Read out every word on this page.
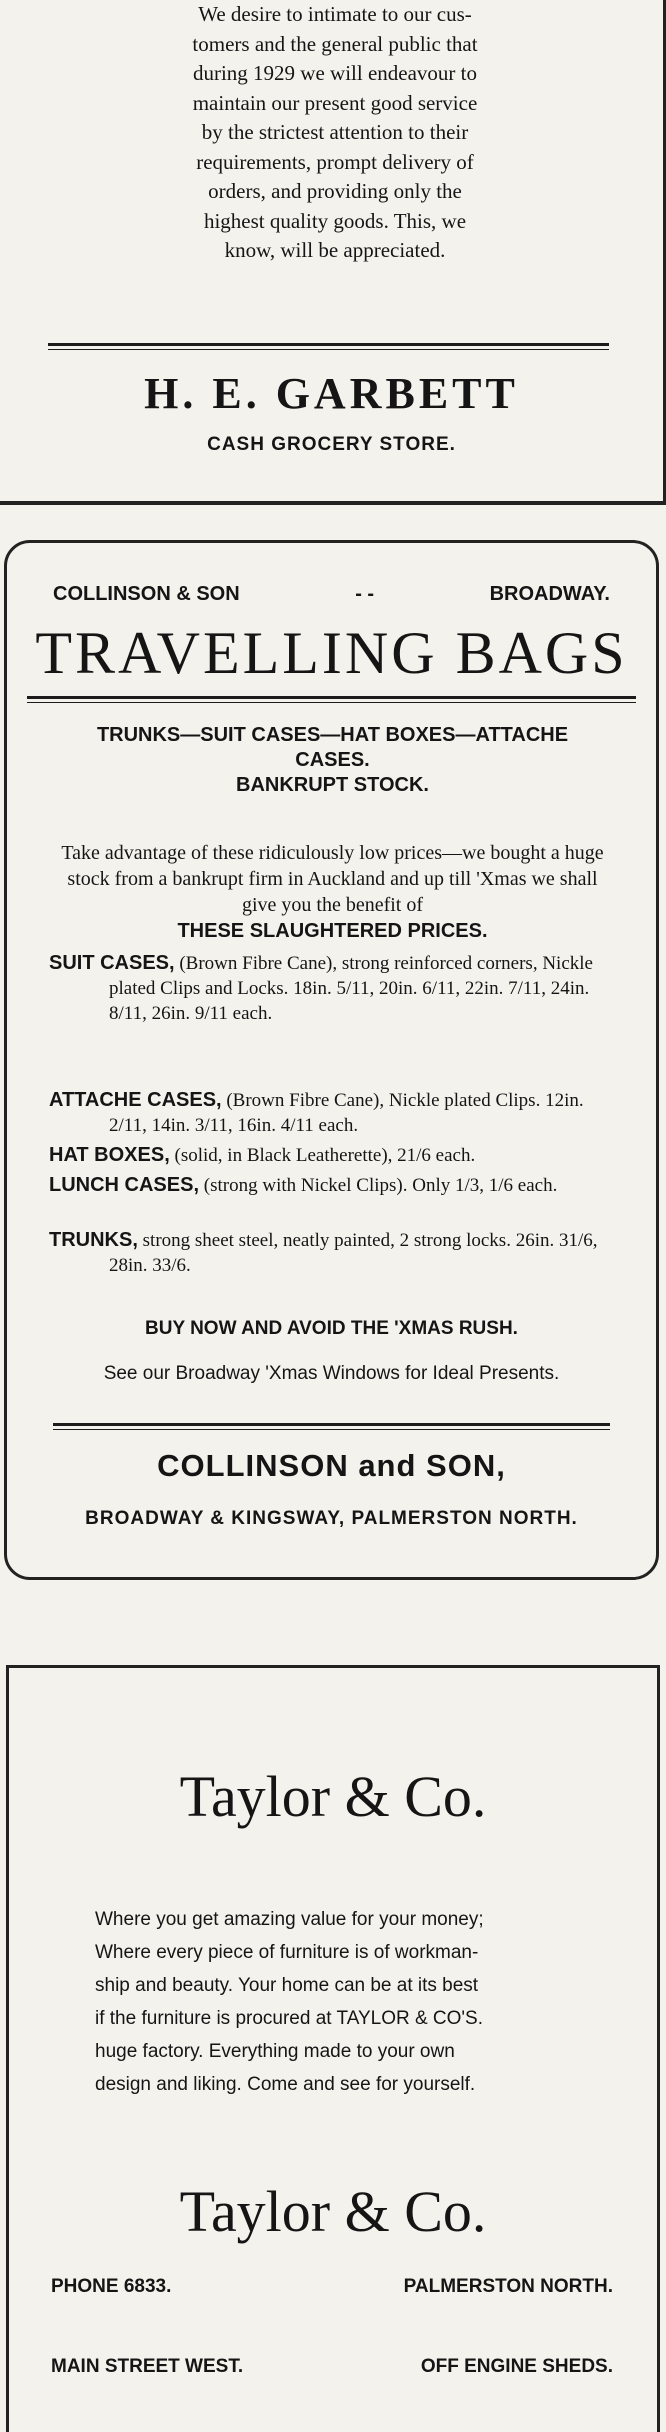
We desire to intimate to our cus-
tomers and the general public that
during 1929 we will endeavour to
maintain our present good service
by the strictest attention to their
requirements, prompt delivery of
orders, and providing only the
highest quality goods. This, we
know, will be appreciated.
H. E. GARBETT
CASH GROCERY STORE.
COLLINSON & SON	- -	BROADWAY.
TRAVELLING BAGS
TRUNKS—SUIT CASES—HAT BOXES—ATTACHE
CASES.
BANKRUPT STOCK.
Take advantage of these ridiculously low prices—we bought a huge stock from a bankrupt firm in Auckland and up till 'Xmas we shall give you the benefit of
THESE SLAUGHTERED PRICES.
SUIT CASES, (Brown Fibre Cane), strong reinforced corners, Nickle plated Clips and Locks. 18in. 5/11, 20in. 6/11, 22in. 7/11, 24in. 8/11, 26in. 9/11 each.
ATTACHE CASES, (Brown Fibre Cane), Nickle plated Clips. 12in. 2/11, 14in. 3/11, 16in. 4/11 each.
HAT BOXES, (solid, in Black Leatherette), 21/6 each.
LUNCH CASES, (strong with Nickel Clips). Only 1/3, 1/6 each.
TRUNKS, strong sheet steel, neatly painted, 2 strong locks. 26in. 31/6, 28in. 33/6.
BUY NOW AND AVOID THE 'XMAS RUSH.
See our Broadway 'Xmas Windows for Ideal Presents.
COLLINSON and SON,
BROADWAY & KINGSWAY, PALMERSTON NORTH.
Taylor & Co.
Where you get amazing value for your money;
Where every piece of furniture is of workman-
ship and beauty. Your home can be at its best
if the furniture is procured at TAYLOR & CO'S.
huge factory. Everything made to your own
design and liking. Come and see for yourself.
Taylor & Co.
PHONE 6833.	PALMERSTON NORTH.
MAIN STREET WEST.	OFF ENGINE SHEDS.
